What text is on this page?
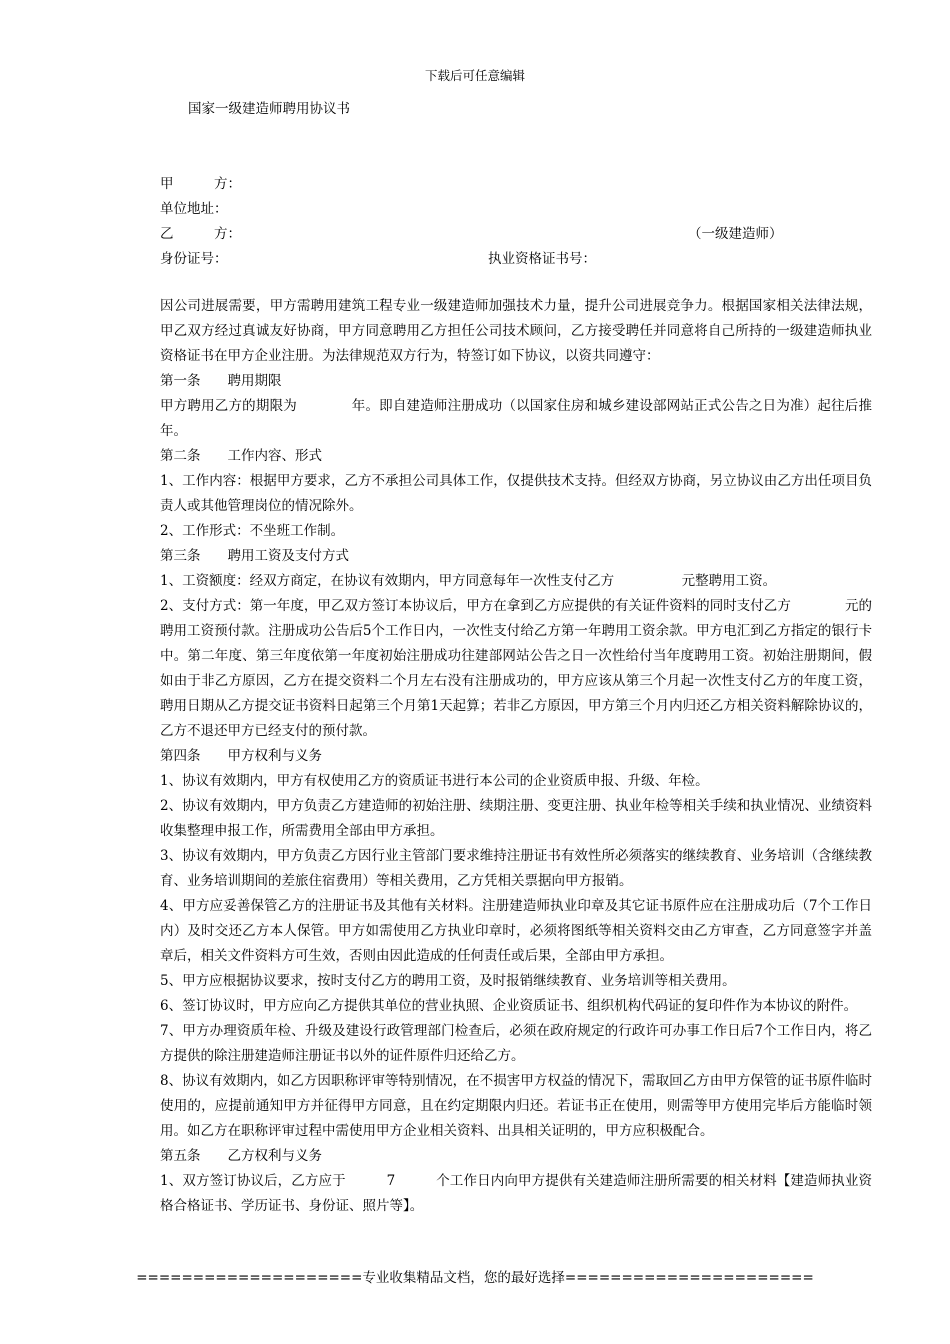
下载后可任意编辑
国家一级建造师聘用协议书
甲　　　方：
单位地址：
乙　　　方：	（一级建造师）
身份证号：	执业资格证书号：

因公司进展需要，甲方需聘用建筑工程专业一级建造师加强技术力量，提升公司进展竞争力。根据国家相关法律法规，甲乙双方经过真诚友好协商，甲方同意聘用乙方担任公司技术顾问，乙方接受聘任并同意将自己所持的一级建造师执业资格证书在甲方企业注册。为法律规范双方行为，特签订如下协议，以资共同遵守：

第一条　　聘用期限

甲方聘用乙方的期限为　　　　年。即自建造师注册成功（以国家住房和城乡建设部网站正式公告之日为准）起往后推　　　年。

第二条　　工作内容、形式

1、工作内容：根据甲方要求，乙方不承担公司具体工作，仅提供技术支持。但经双方协商，另立协议由乙方出任项目负责人或其他管理岗位的情况除外。

2、工作形式：不坐班工作制。

第三条　　聘用工资及支付方式

1、工资额度：经双方商定，在协议有效期内，甲方同意每年一次性支付乙方　　　　　元整聘用工资。

2、支付方式：第一年度，甲乙双方签订本协议后，甲方在拿到乙方应提供的有关证件资料的同时支付乙方　　　　元的聘用工资预付款。注册成功公告后5个工作日内，一次性支付给乙方第一年聘用工资余款。甲方电汇到乙方指定的银行卡中。第二年度、第三年度依第一年度初始注册成功往建部网站公告之日一次性给付当年度聘用工资。初始注册期间，假如由于非乙方原因，乙方在提交资料二个月左右没有注册成功的，甲方应该从第三个月起一次性支付乙方的年度工资，聘用日期从乙方提交证书资料日起第三个月第1天起算；若非乙方原因，甲方第三个月内归还乙方相关资料解除协议的，乙方不退还甲方已经支付的预付款。

第四条　　甲方权利与义务

1、协议有效期内，甲方有权使用乙方的资质证书进行本公司的企业资质申报、升级、年检。

2、协议有效期内，甲方负责乙方建造师的初始注册、续期注册、变更注册、执业年检等相关手续和执业情况、业绩资料收集整理申报工作，所需费用全部由甲方承担。

3、协议有效期内，甲方负责乙方因行业主管部门要求维持注册证书有效性所必须落实的继续教育、业务培训（含继续教育、业务培训期间的差旅住宿费用）等相关费用，乙方凭相关票据向甲方报销。

4、甲方应妥善保管乙方的注册证书及其他有关材料。注册建造师执业印章及其它证书原件应在注册成功后（7个工作日内）及时交还乙方本人保管。甲方如需使用乙方执业印章时，必须将图纸等相关资料交由乙方审查，乙方同意签字并盖章后，相关文件资料方可生效，否则由因此造成的任何责任或后果，全部由甲方承担。

5、甲方应根据协议要求，按时支付乙方的聘用工资，及时报销继续教育、业务培训等相关费用。

6、签订协议时，甲方应向乙方提供其单位的营业执照、企业资质证书、组织机构代码证的复印件作为本协议的附件。

7、甲方办理资质年检、升级及建设行政管理部门检查后，必须在政府规定的行政许可办事工作日后7个工作日内，将乙方提供的除注册建造师注册证书以外的证件原件归还给乙方。

8、协议有效期内，如乙方因职称评审等特别情况，在不损害甲方权益的情况下，需取回乙方由甲方保管的证书原件临时使用的，应提前通知甲方并征得甲方同意，且在约定期限内归还。若证书正在使用，则需等甲方使用完毕后方能临时领用。如乙方在职称评审过程中需使用甲方企业相关资料、出具相关证明的，甲方应积极配合。

第五条　　乙方权利与义务

1、双方签订协议后，乙方应于　　　7　　　个工作日内向甲方提供有关建造师注册所需要的相关材料【建造师执业资格合格证书、学历证书、身份证、照片等】。

====================专业收集精品文档，您的最好选择======================
